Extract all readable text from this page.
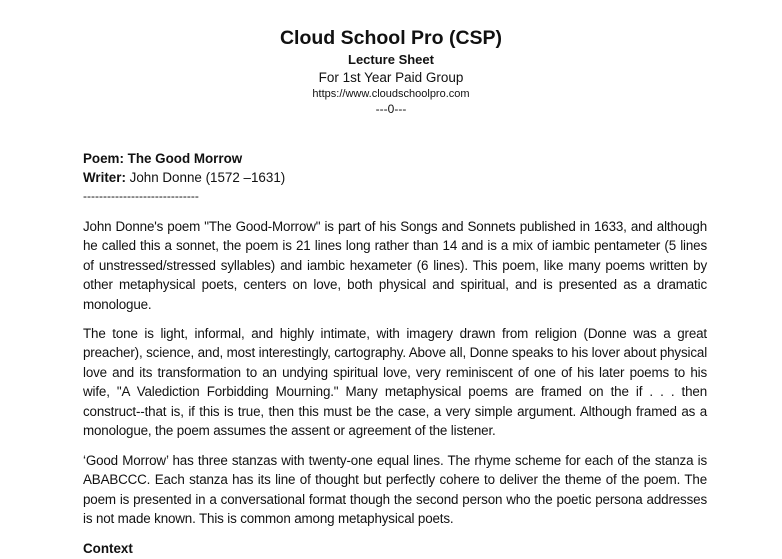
Cloud School Pro (CSP)
Lecture Sheet
For 1st Year Paid Group
https://www.cloudschoolpro.com
---0---
Poem: The Good Morrow
Writer: John Donne (1572 –1631)
-----------------------------

John Donne's poem "The Good-Morrow" is part of his Songs and Sonnets published in 1633, and although he called this a sonnet, the poem is 21 lines long rather than 14 and is a mix of iambic pentameter (5 lines of unstressed/stressed syllables) and iambic hexameter (6 lines). This poem, like many poems written by other metaphysical poets, centers on love, both physical and spiritual, and is presented as a dramatic monologue.

The tone is light, informal, and highly intimate, with imagery drawn from religion (Donne was a great preacher), science, and, most interestingly, cartography. Above all, Donne speaks to his lover about physical love and its transformation to an undying spiritual love, very reminiscent of one of his later poems to his wife, "A Valediction Forbidding Mourning." Many metaphysical poems are framed on the if . . . then construct--that is, if this is true, then this must be the case, a very simple argument. Although framed as a monologue, the poem assumes the assent or agreement of the listener.

‘Good Morrow’ has three stanzas with twenty-one equal lines. The rhyme scheme for each of the stanza is ABABCCC. Each stanza has its line of thought but perfectly cohere to deliver the theme of the poem. The poem is presented in a conversational format though the second person who the poetic persona addresses is not made known. This is common among metaphysical poets.

Context
